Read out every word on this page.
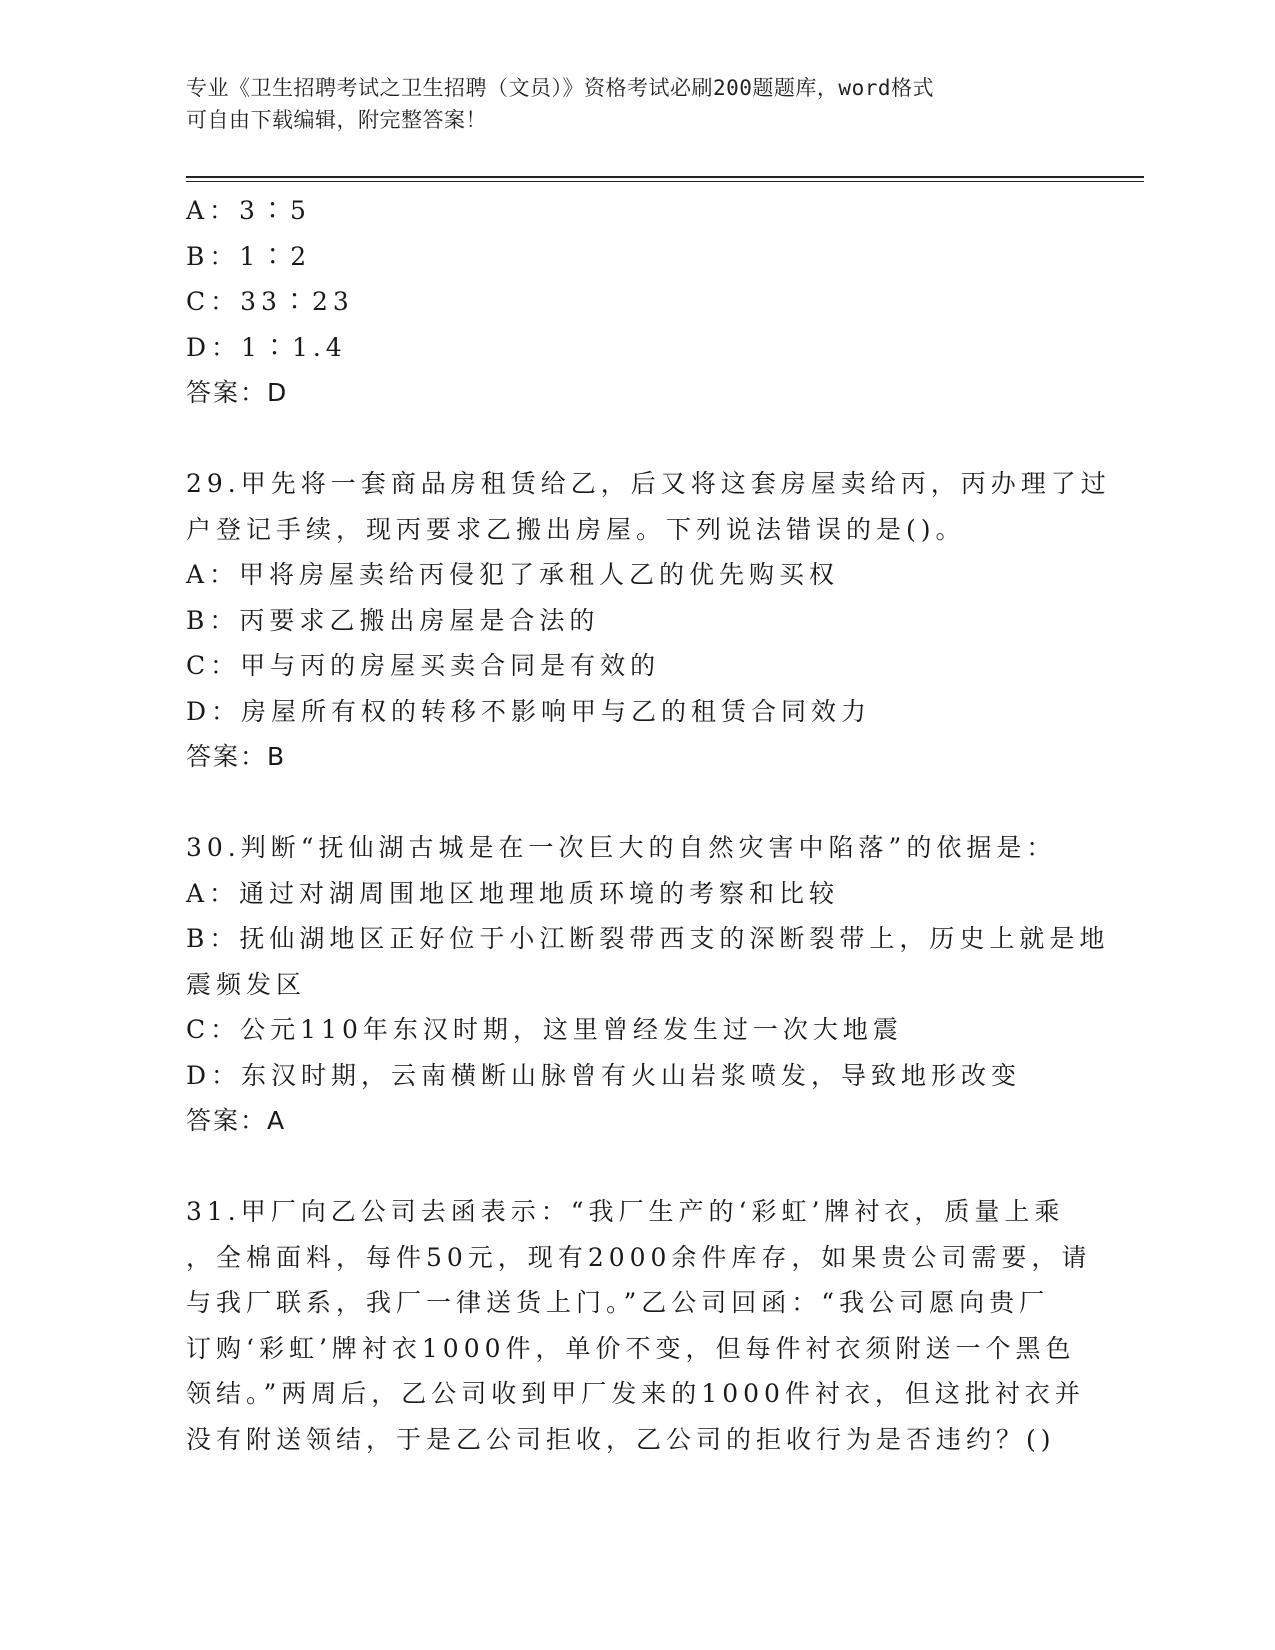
专业《卫生招聘考试之卫生招聘（文员）》资格考试必刷200题题库，word格式
可自由下载编辑，附完整答案！
A：3∶5
B：1∶2
C：33∶23
D：1∶1.4
答案：D
29.甲先将一套商品房租赁给乙，后又将这套房屋卖给丙，丙办理了过
户登记手续，现丙要求乙搬出房屋。下列说法错误的是()。
A：甲将房屋卖给丙侵犯了承租人乙的优先购买权
B：丙要求乙搬出房屋是合法的
C：甲与丙的房屋买卖合同是有效的
D：房屋所有权的转移不影响甲与乙的租赁合同效力
答案：B
30.判断“抚仙湖古城是在一次巨大的自然灾害中陷落”的依据是：
A：通过对湖周围地区地理地质环境的考察和比较
B：抚仙湖地区正好位于小江断裂带西支的深断裂带上，历史上就是地
震频发区
C：公元110年东汉时期，这里曾经发生过一次大地震
D：东汉时期，云南横断山脉曾有火山岩浆喷发，导致地形改变
答案：A
31.甲厂向乙公司去函表示：“我厂生产的‘彩虹’牌衬衣，质量上乘
，全棉面料，每件50元，现有2000余件库存，如果贵公司需要，请
与我厂联系，我厂一律送货上门。”乙公司回函：“我公司愿向贵厂
订购‘彩虹’牌衬衣1000件，单价不变，但每件衬衣须附送一个黑色
领结。”两周后，乙公司收到甲厂发来的1000件衬衣，但这批衬衣并
没有附送领结，于是乙公司拒收，乙公司的拒收行为是否违约？()
